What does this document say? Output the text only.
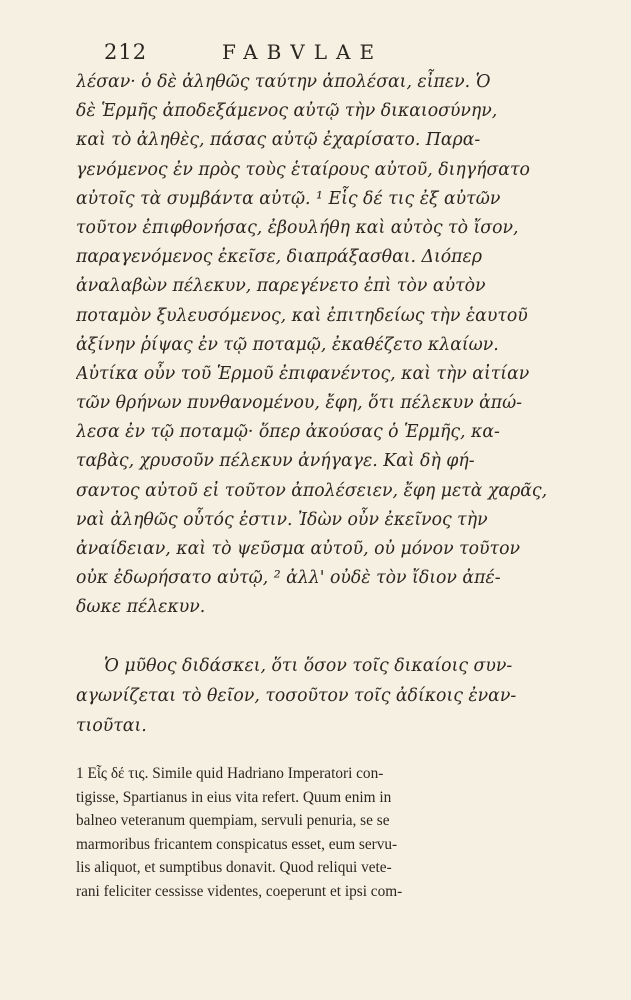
212	FABVLAE
λέσαν· ὁ δὲ ἀληθῶς ταύτην ἀπολέσαι, εἶπεν. Ὁ
δὲ Ἑρμῆς ἀποδεξάμενος αὐτῷ τὴν δικαιοσύνην,
καὶ τὸ ἀληθὲς, πάσας αὐτῷ ἐχαρίσατο. Παρα-
γενόμενος ἐν πρὸς τοὺς ἑταίρους αὐτοῦ, διηγήσατο
αὐτοῖς τὰ συμβάντα αὐτῷ. ¹ Εἷς δέ τις ἐξ αὐτῶν
τοῦτον ἐπιφθονήσας, ἐβουλήθη καὶ αὐτὸς τὸ ἴσον,
παραγενόμενος ἐκεῖσε, διαπράξασθαι. Διόπερ
ἀναλαβὼν πέλεκυν, παρεγένετο ἐπὶ τὸν αὐτὸν
ποταμὸν ξυλευσόμενος, καὶ ἐπιτηδείως τὴν ἑαυτοῦ
ἀξίνην ῥίψας ἐν τῷ ποταμῷ, ἐκαθέζετο κλαίων.
Αὐτίκα οὖν τοῦ Ἑρμοῦ ἐπιφανέντος, καὶ τὴν αἰτίαν
τῶν θρήνων πυνθανομένου, ἔφη, ὅτι πέλεκυν ἀπώ-
λεσα ἐν τῷ ποταμῷ· ὅπερ ἀκούσας ὁ Ἑρμῆς, κα-
ταβὰς, χρυσοῦν πέλεκυν ἀνήγαγε. Καὶ δὴ φή-
σαντος αὐτοῦ εἰ τοῦτον ἀπολέσειεν, ἔφη μετὰ χαρᾶς,
ναὶ ἀληθῶς οὗτός ἐστιν. Ἰδὼν οὖν ἐκεῖνος τὴν
ἀναίδειαν, καὶ τὸ ψεῦσμα αὐτοῦ, οὐ μόνον τοῦτον
οὐκ ἐδωρήσατο αὐτῷ, ² ἀλλ' οὐδὲ τὸν ἴδιον ἀπέ-
δωκε πέλεκυν.
Ὁ μῦθος διδάσκει, ὅτι ὅσον τοῖς δικαίοις συν-
αγωνίζεται τὸ θεῖον, τοσοῦτον τοῖς ἀδίκοις ἐναν-
τιοῦται.
1 Εἷς δέ τις. Simile quid Hadriano Imperatori con-
tigisse, Spartianus in eius vita refert. Quum enim in
balneo veteranum quempiam, servuli penuria, se se
marmoribus fricantem conspicatus esset, eum servu-
lis aliquot, et sumptibus donavit. Quod reliqui vete-
rani feliciter cessisse videntes, coeperunt et ipsi com-
